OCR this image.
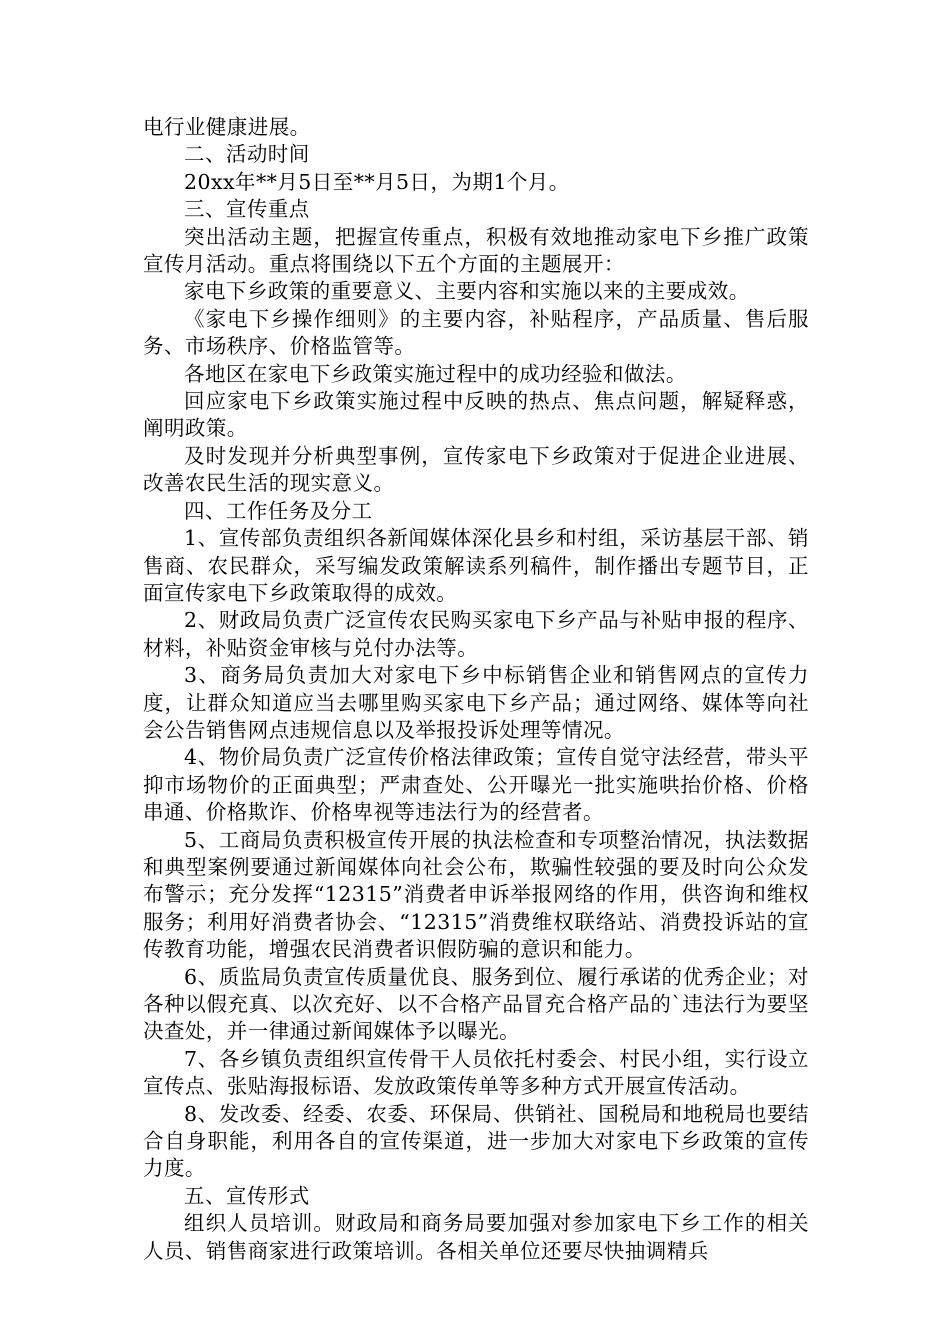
电行业健康进展。

二、活动时间

20xx年**月5日至**月5日，为期1个月。

三、宣传重点

突出活动主题，把握宣传重点，积极有效地推动家电下乡推广政策宣传月活动。重点将围绕以下五个方面的主题展开：

家电下乡政策的重要意义、主要内容和实施以来的主要成效。

《家电下乡操作细则》的主要内容，补贴程序，产品质量、售后服务、市场秩序、价格监管等。

各地区在家电下乡政策实施过程中的成功经验和做法。

回应家电下乡政策实施过程中反映的热点、焦点问题，解疑释惑，阐明政策。

及时发现并分析典型事例，宣传家电下乡政策对于促进企业进展、改善农民生活的现实意义。

四、工作任务及分工

1、宣传部负责组织各新闻媒体深化县乡和村组，采访基层干部、销售商、农民群众，采写编发政策解读系列稿件，制作播出专题节目，正面宣传家电下乡政策取得的成效。

2、财政局负责广泛宣传农民购买家电下乡产品与补贴申报的程序、材料，补贴资金审核与兑付办法等。

3、商务局负责加大对家电下乡中标销售企业和销售网点的宣传力度，让群众知道应当去哪里购买家电下乡产品；通过网络、媒体等向社会公告销售网点违规信息以及举报投诉处理等情况。

4、物价局负责广泛宣传价格法律政策；宣传自觉守法经营，带头平抑市场物价的正面典型；严肃查处、公开曝光一批实施哄抬价格、价格串通、价格欺诈、价格卑视等违法行为的经营者。

5、工商局负责积极宣传开展的执法检查和专项整治情况，执法数据和典型案例要通过新闻媒体向社会公布，欺骗性较强的要及时向公众发布警示；充分发挥“12315”消费者申诉举报网络的作用，供咨询和维权服务；利用好消费者协会、“12315”消费维权联络站、消费投诉站的宣传教育功能，增强农民消费者识假防骗的意识和能力。

6、质监局负责宣传质量优良、服务到位、履行承诺的优秀企业；对各种以假充真、以次充好、以不合格产品冒充合格产品的`违法行为要坚决查处，并一律通过新闻媒体予以曝光。

7、各乡镇负责组织宣传骨干人员依托村委会、村民小组，实行设立宣传点、张贴海报标语、发放政策传单等多种方式开展宣传活动。

8、发改委、经委、农委、环保局、供销社、国税局和地税局也要结合自身职能，利用各自的宣传渠道，进一步加大对家电下乡政策的宣传力度。

五、宣传形式

组织人员培训。财政局和商务局要加强对参加家电下乡工作的相关人员、销售商家进行政策培训。各相关单位还要尽快抽调精兵
